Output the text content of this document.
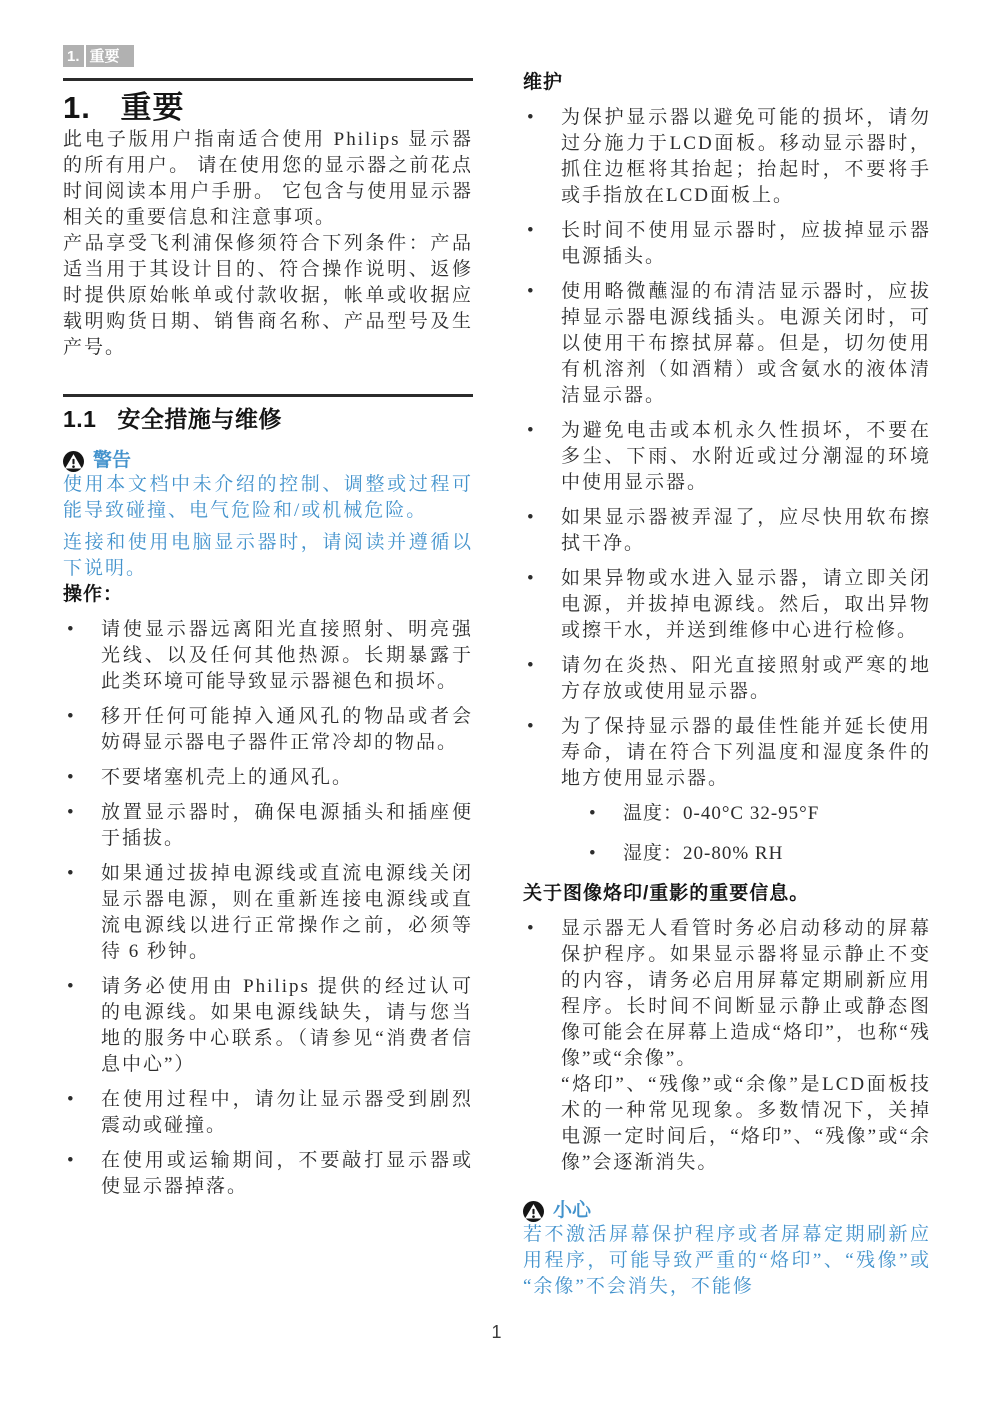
1. 重要
1. 重要

此电子版用户指南适合使用 Philips 显示器的所有用户。 请在使用您的显示器之前花点时间阅读本用户手册。 它包含与使用显示器相关的重要信息和注意事项。

产品享受飞利浦保修须符合下列条件：产品适当用于其设计目的、符合操作说明、返修时提供原始帐单或付款收据，帐单或收据应载明购货日期、销售商名称、产品型号及生产号。

1.1 安全措施与维修
警告

使用本文档中未介绍的控制、调整或过程可能导致碰撞、电气危险和/或机械危险。

连接和使用电脑显示器时，请阅读并遵循以下说明。

操作：
• 请使显示器远离阳光直接照射、明亮强光线、以及任何其他热源。长期暴露于此类环境可能导致显示器褪色和损坏。
• 移开任何可能掉入通风孔的物品或者会妨碍显示器电子器件正常冷却的物品。
• 不要堵塞机壳上的通风孔。
• 放置显示器时，确保电源插头和插座便于插拔。
• 如果通过拔掉电源线或直流电源线关闭显示器电源，则在重新连接电源线或直流电源线以进行正常操作之前，必须等待 6 秒钟。
• 请务必使用由 Philips 提供的经过认可的电源线。如果电源线缺失，请与您当地的服务中心联系。（请参见“消费者信息中心”）
• 在使用过程中，请勿让显示器受到剧烈震动或碰撞。
• 在使用或运输期间，不要敲打显示器或使显示器掉落。
维护
• 为保护显示器以避免可能的损坏，请勿过分施力于LCD面板。移动显示器时，抓住边框将其抬起；抬起时，不要将手或手指放在LCD面板上。
• 长时间不使用显示器时，应拔掉显示器电源插头。
• 使用略微蘸湿的布清洁显示器时，应拔掉显示器电源线插头。电源关闭时，可以使用干布擦拭屏幕。但是，切勿使用有机溶剂（如酒精）或含氨水的液体清洁显示器。
• 为避免电击或本机永久性损坏，不要在多尘、下雨、水附近或过分潮湿的环境中使用显示器。
• 如果显示器被弄湿了，应尽快用软布擦拭干净。
• 如果异物或水进入显示器，请立即关闭电源，并拔掉电源线。然后，取出异物或擦干水，并送到维修中心进行检修。
• 请勿在炎热、阳光直接照射或严寒的地方存放或使用显示器。
• 为了保持显示器的最佳性能并延长使用寿命，请在符合下列温度和湿度条件的地方使用显示器。
• 温度：0-40°C 32-95°F
• 湿度：20-80% RH
关于图像烙印/重影的重要信息。

• 显示器无人看管时务必启动移动的屏幕保护程序。如果显示器将显示静止不变的内容，请务必启用屏幕定期刷新应用程序。长时间不间断显示静止或静态图像可能会在屏幕上造成“烙印”，也称“残像”或“余像”。

“烙印”、“残像”或“余像”是LCD面板技术的一种常见现象。多数情况下，关掉电源一定时间后，“烙印”、“残像”或“余像”会逐渐消失。

小心

若不激活屏幕保护程序或者屏幕定期刷新应用程序，可能导致严重的“烙印”、“残像”或“余像”不会消失，不能修

1
